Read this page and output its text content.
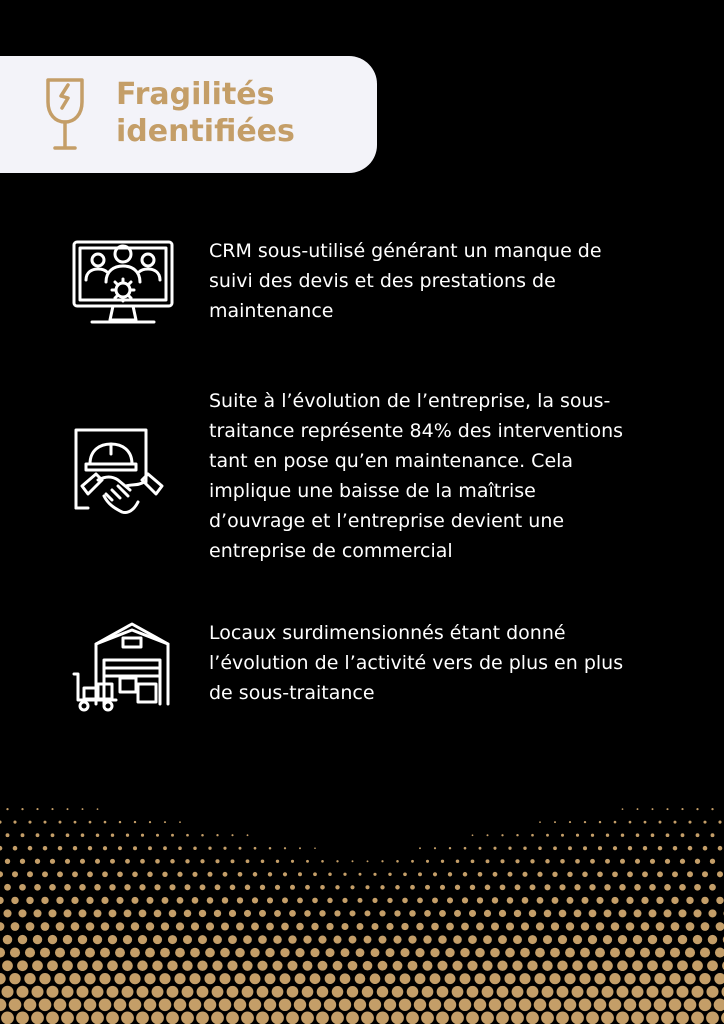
Fragilités
identifiées

CRM sous-utilisé générant un manque de
suivi des devis et des prestations de
maintenance

Suite à l’évolution de l’entreprise, la sous-
traitance représente 84% des interventions
tant en pose qu’en maintenance. Cela
implique une baisse de la maîtrise
d’ouvrage et l’entreprise devient une
entreprise de commercial

Locaux surdimensionnés étant donné
l’évolution de l’activité vers de plus en plus
de sous-traitance
